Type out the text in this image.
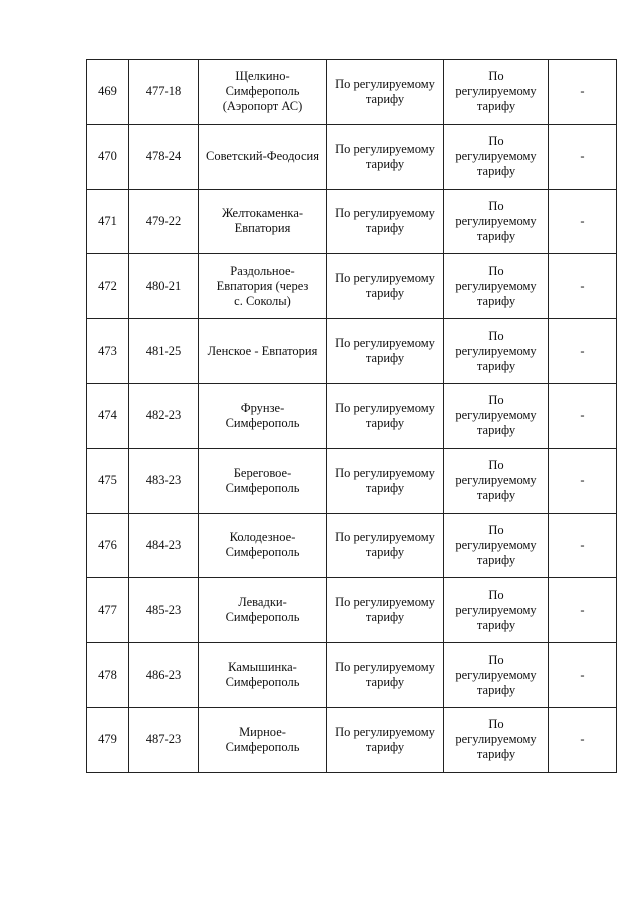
469	477-18	Щелкино-
Симферополь
(Аэропорт АС)	По регулируемому
тарифу	По
регулируемому
тарифу	-
470	478-24	Советский-Феодосия	По регулируемому
тарифу	По
регулируемому
тарифу	-
471	479-22	Желтокаменка-
Евпатория	По регулируемому
тарифу	По
регулируемому
тарифу	-
472	480-21	Раздольное-
Евпатория (через
с. Соколы)	По регулируемому
тарифу	По
регулируемому
тарифу	-
473	481-25	Ленское - Евпатория	По регулируемому
тарифу	По
регулируемому
тарифу	-
474	482-23	Фрунзе-
Симферополь	По регулируемому
тарифу	По
регулируемому
тарифу	-
475	483-23	Береговое-
Симферополь	По регулируемому
тарифу	По
регулируемому
тарифу	-
476	484-23	Колодезное-
Симферополь	По регулируемому
тарифу	По
регулируемому
тарифу	-
477	485-23	Левадки-
Симферополь	По регулируемому
тарифу	По
регулируемому
тарифу	-
478	486-23	Камышинка-
Симферополь	По регулируемому
тарифу	По
регулируемому
тарифу	-
479	487-23	Мирное-
Симферополь	По регулируемому
тарифу	По
регулируемому
тарифу	-
